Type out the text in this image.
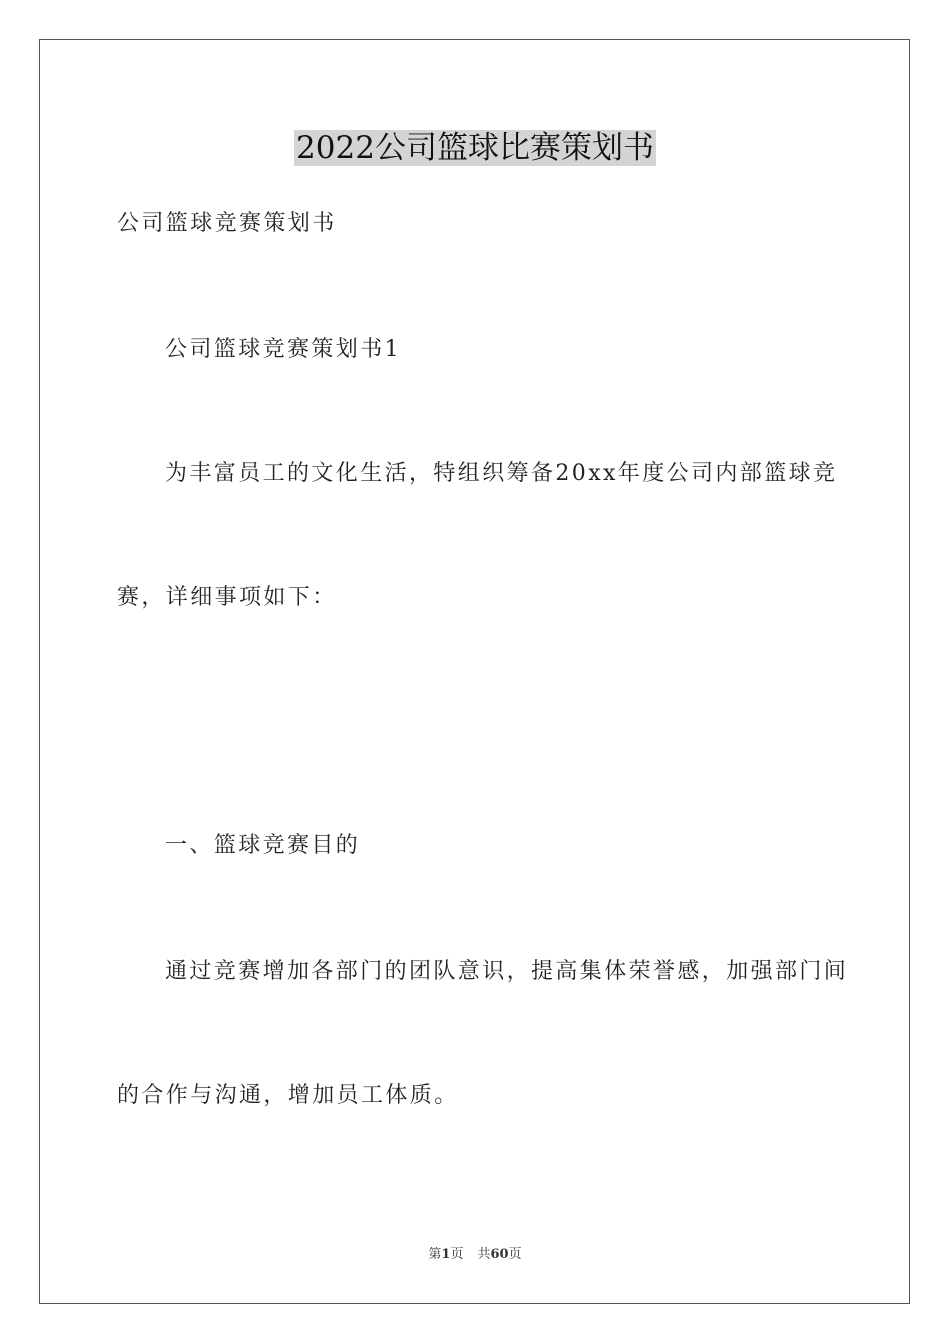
2022公司篮球比赛策划书

公司篮球竞赛策划书

公司篮球竞赛策划书1

为丰富员工的文化生活，特组织筹备20xx年度公司内部篮球竞

赛，详细事项如下：

一、篮球竞赛目的

通过竞赛增加各部门的团队意识，提高集体荣誉感，加强部门间

的合作与沟通，增加员工体质。

第1页 共60页
